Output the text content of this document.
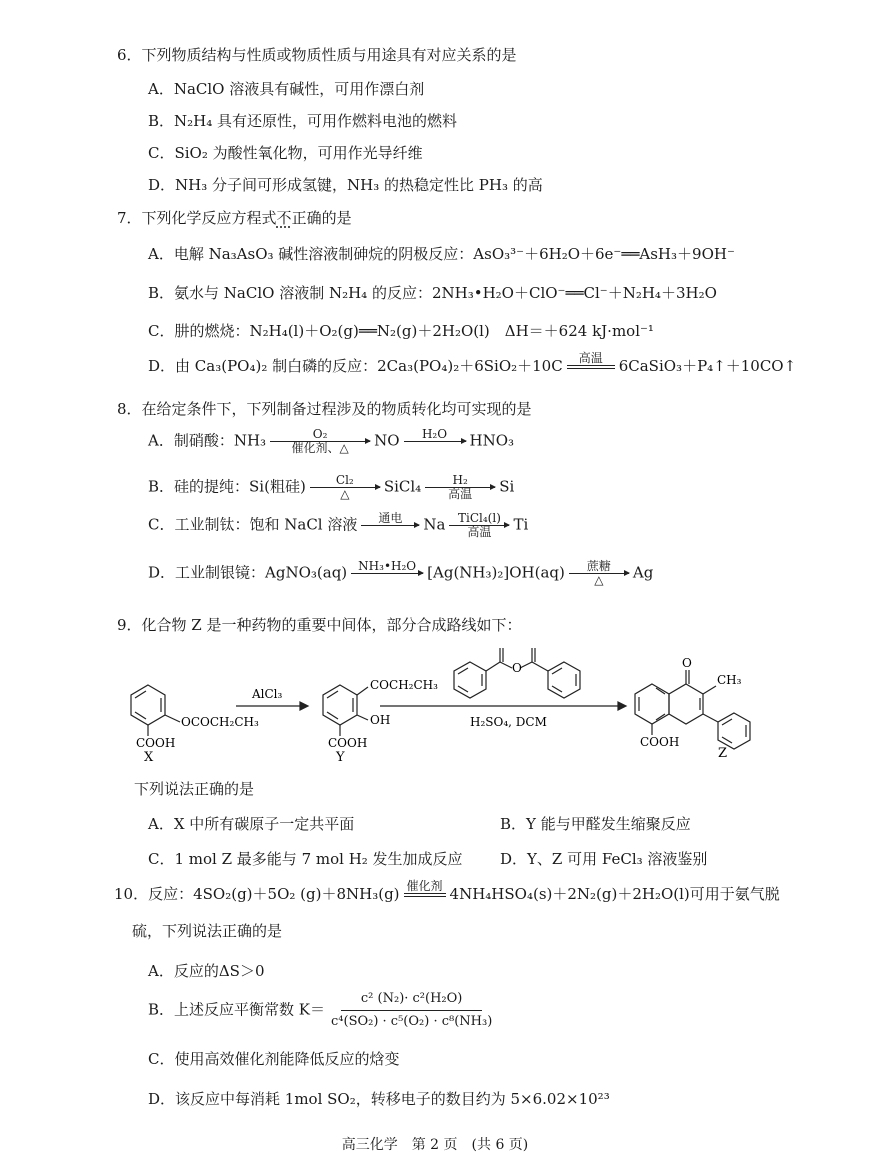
6．下列物质结构与性质或物质性质与用途具有对应关系的是
A．NaClO 溶液具有碱性，可用作漂白剂
B．N₂H₄ 具有还原性，可用作燃料电池的燃料
C．SiO₂ 为酸性氧化物，可用作光导纤维
D．NH₃ 分子间可形成氢键，NH₃ 的热稳定性比 PH₃ 的高
7．下列化学反应方程式不正确的是
A．电解 Na₃AsO₃ 碱性溶液制砷烷的阴极反应：AsO₃³⁻＋6H₂O＋6e⁻══AsH₃＋9OH⁻
B．氨水与 NaClO 溶液制 N₂H₄ 的反应：2NH₃•H₂O＋ClO⁻══Cl⁻＋N₂H₄＋3H₂O
C．肼的燃烧：N₂H₄(l)＋O₂(g)══N₂(g)＋2H₂O(l)　ΔH＝＋624 kJ·mol⁻¹
D．由 Ca₃(PO₄)₂ 制白磷的反应：2Ca₃(PO₄)₂＋6SiO₂＋10C	高温 6CaSiO₃＋P₄↑＋10CO↑
8．在给定条件下，下列制备过程涉及的物质转化均可实现的是
A．制硝酸：NH₃	O₂
催化剂、△ NO	H₂O HNO₃
B．硅的提纯：Si(粗硅)	Cl₂
△ SiCl₄	H₂
高温 Si
C．工业制钛：饱和 NaCl 溶液	通电 Na	TiCl₄(l)
高温 Ti
D．工业制银镜：AgNO₃(aq) NH₃•H₂O [Ag(NH₃)₂]OH(aq)	蔗糖
△ Ag
9．化合物 Z 是一种药物的重要中间体，部分合成路线如下：
AlCl₃
OCOCH₂CH₃
COOH
X
COCH₂CH₃
OH
COOH
Y
O
H₂SO₄, DCM
O
CH₃
COOH
Z
下列说法正确的是
A．X 中所有碳原子一定共平面	B．Y 能与甲醛发生缩聚反应
C．1 mol Z 最多能与 7 mol H₂ 发生加成反应 D．Y、Z 可用 FeCl₃ 溶液鉴别
10．反应：4SO₂(g)＋5O₂ (g)＋8NH₃(g) 催化剂 4NH₄HSO₄(s)＋2N₂(g)＋2H₂O(l)可用于氨气脱
硫，下列说法正确的是
A．反应的ΔS＞0
B．上述反应平衡常数 $K= \frac{\text{c² (N₂)· c²(H₂O)}}{\text{c⁴(SO₂) · c⁵(O₂) · c⁸(NH₃)}}$
C．使用高效催化剂能降低反应的焓变
D．该反应中每消耗 1mol SO₂，转移电子的数目约为 5×6.02×10²³
高三化学　第 2 页　(共 6 页)
